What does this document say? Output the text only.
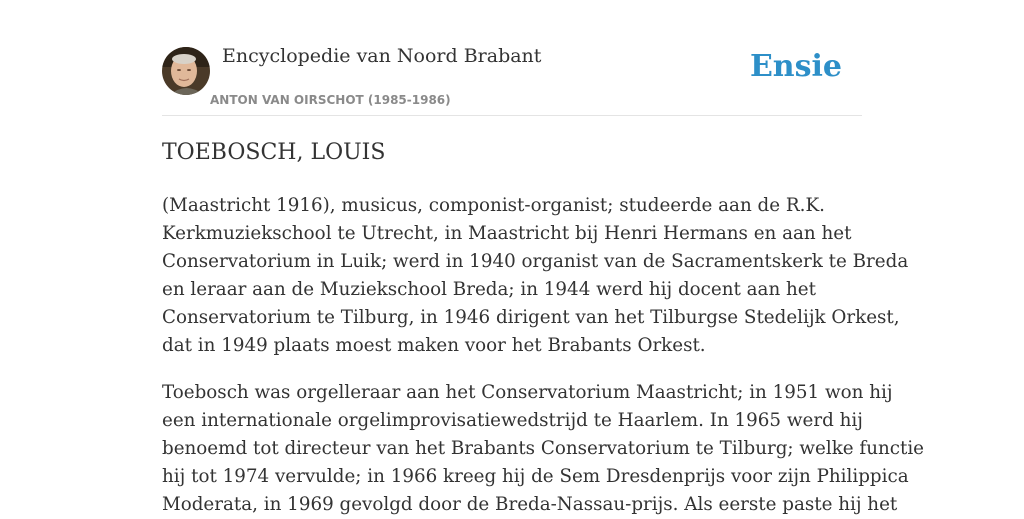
Encyclopedie van Noord Brabant
ANTON VAN OIRSCHOT (1985-1986)
Ensie
TOEBOSCH, LOUIS

(Maastricht 1916), musicus, componist-organist; studeerde aan de R.K.
Kerkmuziekschool te Utrecht, in Maastricht bij Henri Hermans en aan het
Conservatorium in Luik; werd in 1940 organist van de Sacramentskerk te Breda
en leraar aan de Muziekschool Breda; in 1944 werd hij docent aan het
Conservatorium te Tilburg, in 1946 dirigent van het Tilburgse Stedelijk Orkest,
dat in 1949 plaats moest maken voor het Brabants Orkest.

Toebosch was orgelleraar aan het Conservatorium Maastricht; in 1951 won hij
een internationale orgelimprovisatiewedstrijd te Haarlem. In 1965 werd hij
benoemd tot directeur van het Brabants Conservatorium te Tilburg; welke functie
hij tot 1974 vervulde; in 1966 kreeg hij de Sem Dresdenprijs voor zijn Philippica
Moderata, in 1969 gevolgd door de Breda-Nassau-prijs. Als eerste paste hij het
